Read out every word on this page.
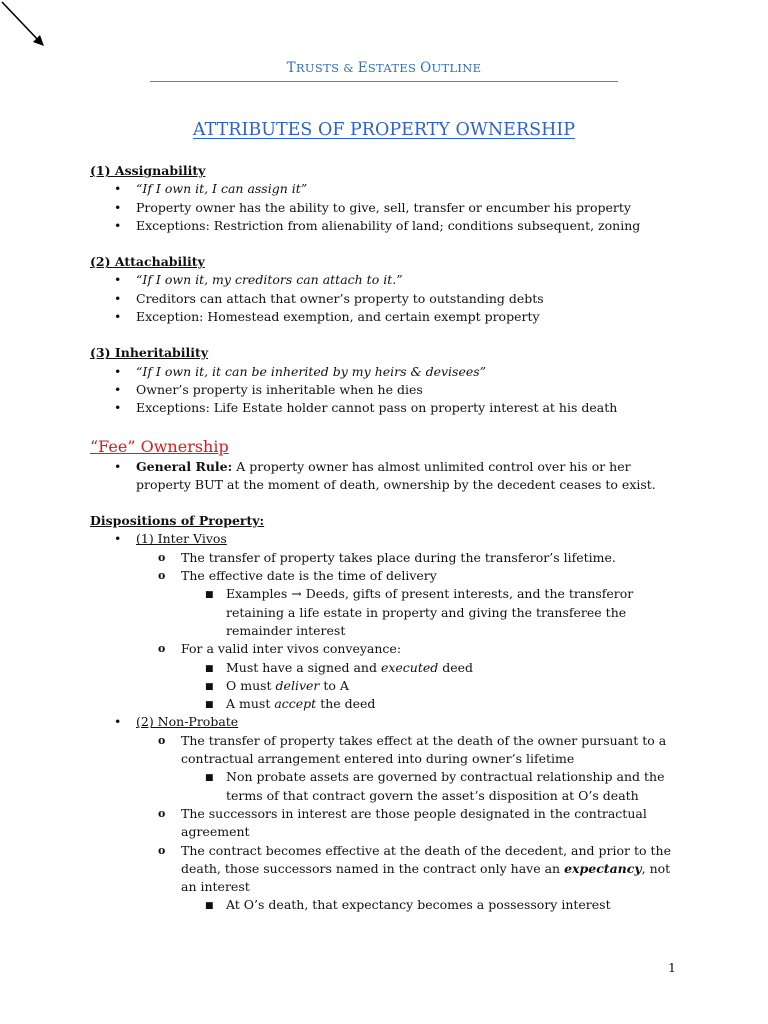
TRUSTS & ESTATES OUTLINE
ATTRIBUTES OF PROPERTY OWNERSHIP

(1) Assignability

• “If I own it, I can assign it”
• Property owner has the ability to give, sell, transfer or encumber his property
• Exceptions: Restriction from alienability of land; conditions subsequent, zoning

(2) Attachability

• “If I own it, my creditors can attach to it.”
• Creditors can attach that owner’s property to outstanding debts
• Exception: Homestead exemption, and certain exempt property

(3) Inheritability

• “If I own it, it can be inherited by my heirs & devisees”
• Owner’s property is inheritable when he dies
• Exceptions: Life Estate holder cannot pass on property interest at his death

“Fee” Ownership

• General Rule: A property owner has almost unlimited control over his or her property BUT at the moment of death, ownership by the decedent ceases to exist.

Dispositions of Property:

• (1) Inter Vivos
o The transfer of property takes place during the transferor’s lifetime.
o The effective date is the time of delivery
■ Examples → Deeds, gifts of present interests, and the transferor retaining a life estate in property and giving the transferee the remainder interest
o For a valid inter vivos conveyance:
■ Must have a signed and executed deed
■ O must deliver to A
■ A must accept the deed
• (2) Non-Probate
o The transfer of property takes effect at the death of the owner pursuant to a contractual arrangement entered into during owner’s lifetime
■ Non probate assets are governed by contractual relationship and the terms of that contract govern the asset’s disposition at O’s death
o The successors in interest are those people designated in the contractual agreement
o The contract becomes effective at the death of the decedent, and prior to the death, those successors named in the contract only have an expectancy, not an interest
■ At O’s death, that expectancy becomes a possessory interest
1
